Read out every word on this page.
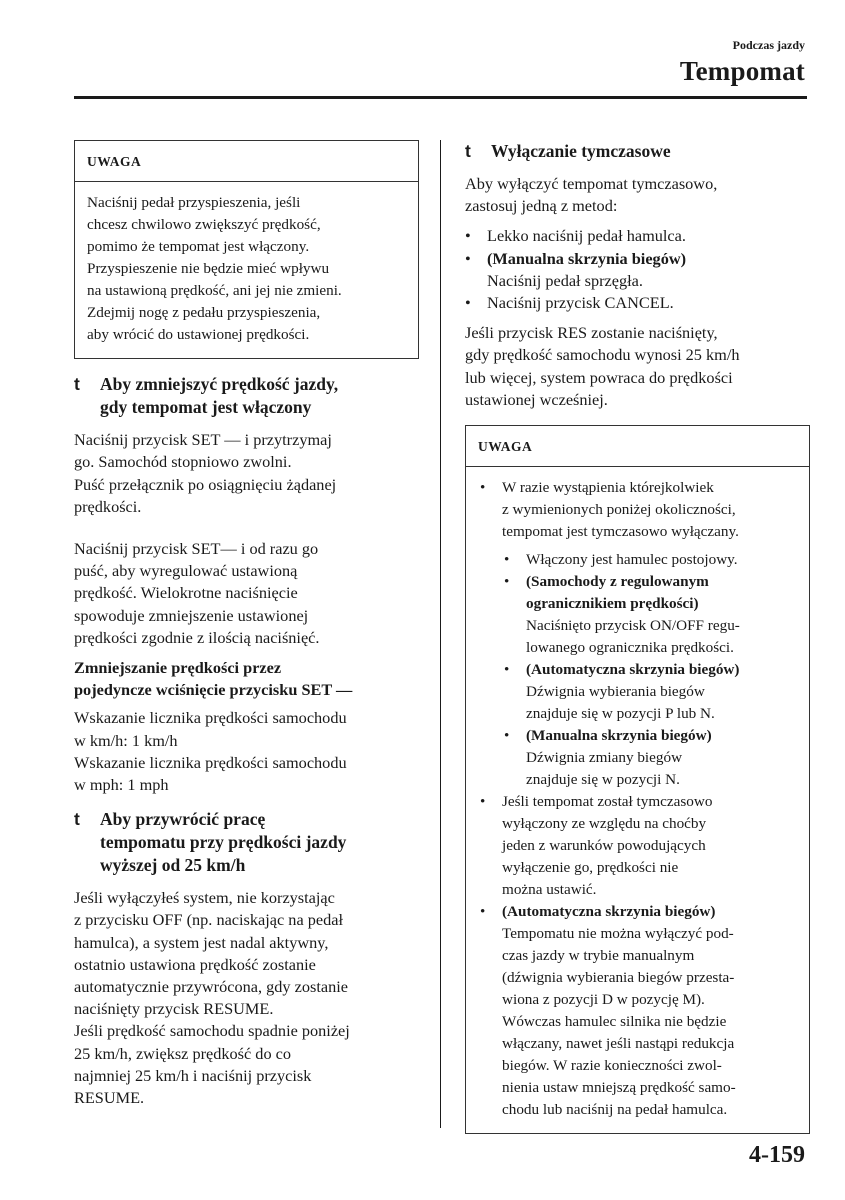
Podczas jazdy
Tempomat
UWAGA

Naciśnij pedał przyspieszenia, jeśli
chcesz chwilowo zwiększyć prędkość,
pomimo że tempomat jest włączony.
Przyspieszenie nie będzie mieć wpływu
na ustawioną prędkość, ani jej nie zmieni.
Zdejmij nogę z pedału przyspieszenia,
aby wrócić do ustawionej prędkości.

t	Aby zmniejszyć prędkość jazdy,
gdy tempomat jest włączony

Naciśnij przycisk SET — i przytrzymaj
go. Samochód stopniowo zwolni.
Puść przełącznik po osiągnięciu żądanej
prędkości.

Naciśnij przycisk SET— i od razu go
puść, aby wyregulować ustawioną
prędkość. Wielokrotne naciśnięcie
spowoduje zmniejszenie ustawionej
prędkości zgodnie z ilością naciśnięć.

Zmniejszanie prędkości przez
pojedyncze wciśnięcie przycisku SET —

Wskazanie licznika prędkości samochodu
w km/h: 1 km/h
Wskazanie licznika prędkości samochodu
w mph: 1 mph

t	Aby przywrócić pracę
tempomatu przy prędkości jazdy
wyższej od 25 km/h

Jeśli wyłączyłeś system, nie korzystając
z przycisku OFF (np. naciskając na pedał
hamulca), a system jest nadal aktywny,
ostatnio ustawiona prędkość zostanie
automatycznie przywrócona, gdy zostanie
naciśnięty przycisk RESUME.
Jeśli prędkość samochodu spadnie poniżej
25 km/h, zwiększ prędkość do co
najmniej 25 km/h i naciśnij przycisk
RESUME.

t	Wyłączanie tymczasowe

Aby wyłączyć tempomat tymczasowo,
zastosuj jedną z metod:

• Lekko naciśnij pedał hamulca.
• (Manualna skrzynia biegów)
Naciśnij pedał sprzęgła.
• Naciśnij przycisk CANCEL.

Jeśli przycisk RES zostanie naciśnięty,
gdy prędkość samochodu wynosi 25 km/h
lub więcej, system powraca do prędkości
ustawionej wcześniej.

UWAGA
•	W razie wystąpienia którejkolwiek
z wymienionych poniżej okoliczności,
tempomat jest tymczasowo wyłączany.
•	Włączony jest hamulec postojowy.
•	(Samochody z regulowanym
ogranicznikiem prędkości)
Naciśnięto przycisk ON/OFF regu-
lowanego ogranicznika prędkości.
•	(Automatyczna skrzynia biegów)
Dźwignia wybierania biegów
znajduje się w pozycji P lub N.
•	(Manualna skrzynia biegów)
Dźwignia zmiany biegów
znajduje się w pozycji N.
•	Jeśli tempomat został tymczasowo
wyłączony ze względu na choćby
jeden z warunków powodujących
wyłączenie go, prędkości nie
można ustawić.
•	(Automatyczna skrzynia biegów)
Tempomatu nie można wyłączyć pod-
czas jazdy w trybie manualnym
(dźwignia wybierania biegów przesta-
wiona z pozycji D w pozycję M).
Wówczas hamulec silnika nie będzie
włączany, nawet jeśli nastąpi redukcja
biegów. W razie konieczności zwol-
nienia ustaw mniejszą prędkość samo-
chodu lub naciśnij na pedał hamulca.
4-159
